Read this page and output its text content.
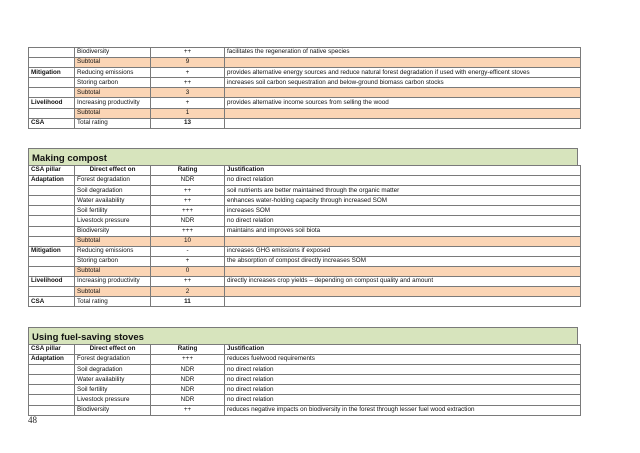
	Biodiversity	++	facilitates the regeneration of native species
	Subtotal	9	
Mitigation	Reducing emissions	+	provides alternative energy sources and reduce natural forest degradation if used with energy-efficent stoves
	Storing carbon	++	increases soil carbon sequestration and below-ground biomass carbon stocks
	Subtotal	3	
Livelihood	Increasing productivity	+	provides alternative income sources from selling the wood
	Subtotal	1	
CSA	Total rating	13	
Making compost
CSA pillar	Direct effect on	Rating	Justification
Adaptation	Forest degradation	NDR	no direct relation
	Soil degradation	++	soil nutrients are better maintained through the organic matter
	Water availability	++	enhances water-holding capacity through increased SOM
	Soil fertility	+++	increases SOM
	Livestock pressure	NDR	no direct relation
	Biodiversity	+++	maintains and improves soil biota
	Subtotal	10	
Mitigation	Reducing emissions	-	increases GHG emissions if exposed
	Storing carbon	+	the absorption of compost directly increases SOM
	Subtotal	0	
Livelihood	Increasing productivity	++	directly increases crop yields – depending on compost quality and amount
	Subtotal	2	
CSA	Total rating	11	
Using fuel-saving stoves
CSA pillar	Direct effect on	Rating	Justification
Adaptation	Forest degradation	+++	reduces fuelwood requirements
	Soil degradation	NDR	no direct relation
	Water availability	NDR	no direct relation
	Soil fertility	NDR	no direct relation
	Livestock pressure	NDR	no direct relation
	Biodiversity	++	reduces negative impacts on biodiversity in the forest through lesser fuel wood extraction
48
